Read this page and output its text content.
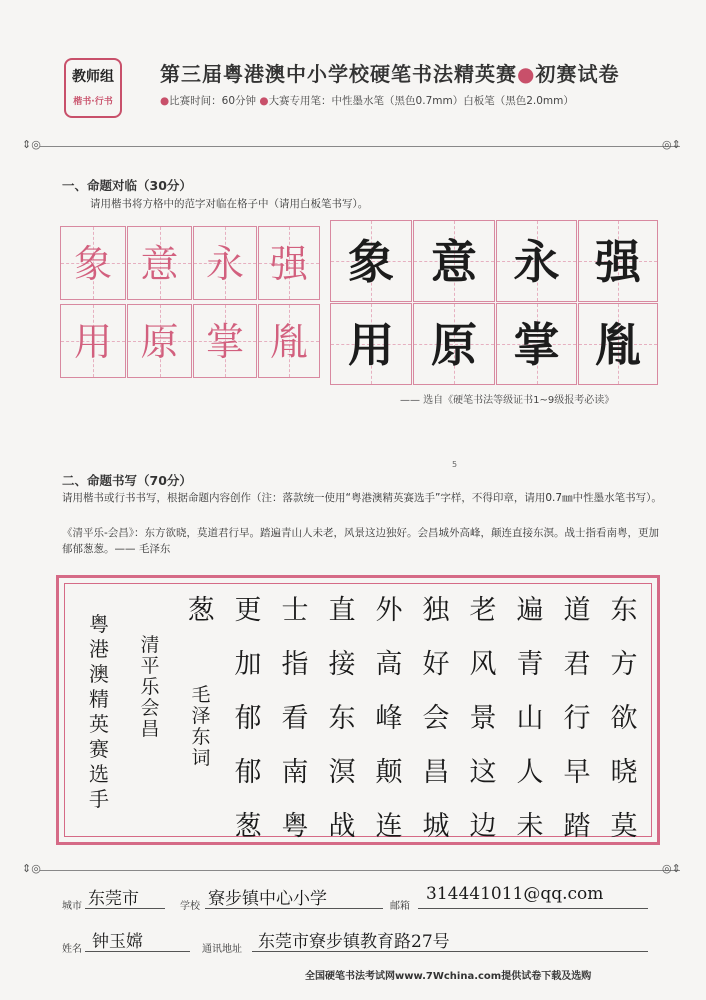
教师组
楷书·行书
第三届粤港澳中小学校硬笔书法精英赛●初赛试卷
●比赛时间：60分钟 ●大赛专用笔：中性墨水笔（黑色0.7mm）白板笔（黑色2.0mm）
⇕◎	◎⇕
一、命题对临（30分）
请用楷书将方格中的范字对临在格子中（请用白板笔书写）。
象 意 永 强
用 原 掌 胤
象 意 永 强
用 原 掌 胤
—— 选自《硬笔书法等级证书1~9级报考必读》
5
二、命题书写（70分）
请用楷书或行书书写，根据命题内容创作（注：落款统一使用“粤港澳精英赛选手”字样，不得印章，请用0.7㎜中性墨水笔书写）。
《清平乐-会昌》：东方欲晓，莫道君行早。踏遍青山人未老，风景这边独好。会昌城外高峰，颠连直接东溟。战士指看南粤，更加郁郁葱葱。—— 毛泽东
东
方
欲
晓
莫
道
君
行
早
踏
遍
青
山
人
未
老
风
景
这
边
独
好
会
昌
城
外
高
峰
颠
连
直
接
东
溟
战
士
指
看
南
粤
更
加
郁
郁
葱
葱
毛
泽
东
词
清
平
乐
会
昌
粤
港
澳
精
英
赛
选
手
⇕◎	◎⇕
城市 东莞市	学校 寮步镇中心小学	邮箱
314441011@qq.com
姓名 钟玉嫦	通讯地址 东莞市寮步镇教育路27号
全国硬笔书法考试网www.7Wchina.com提供试卷下载及选购
